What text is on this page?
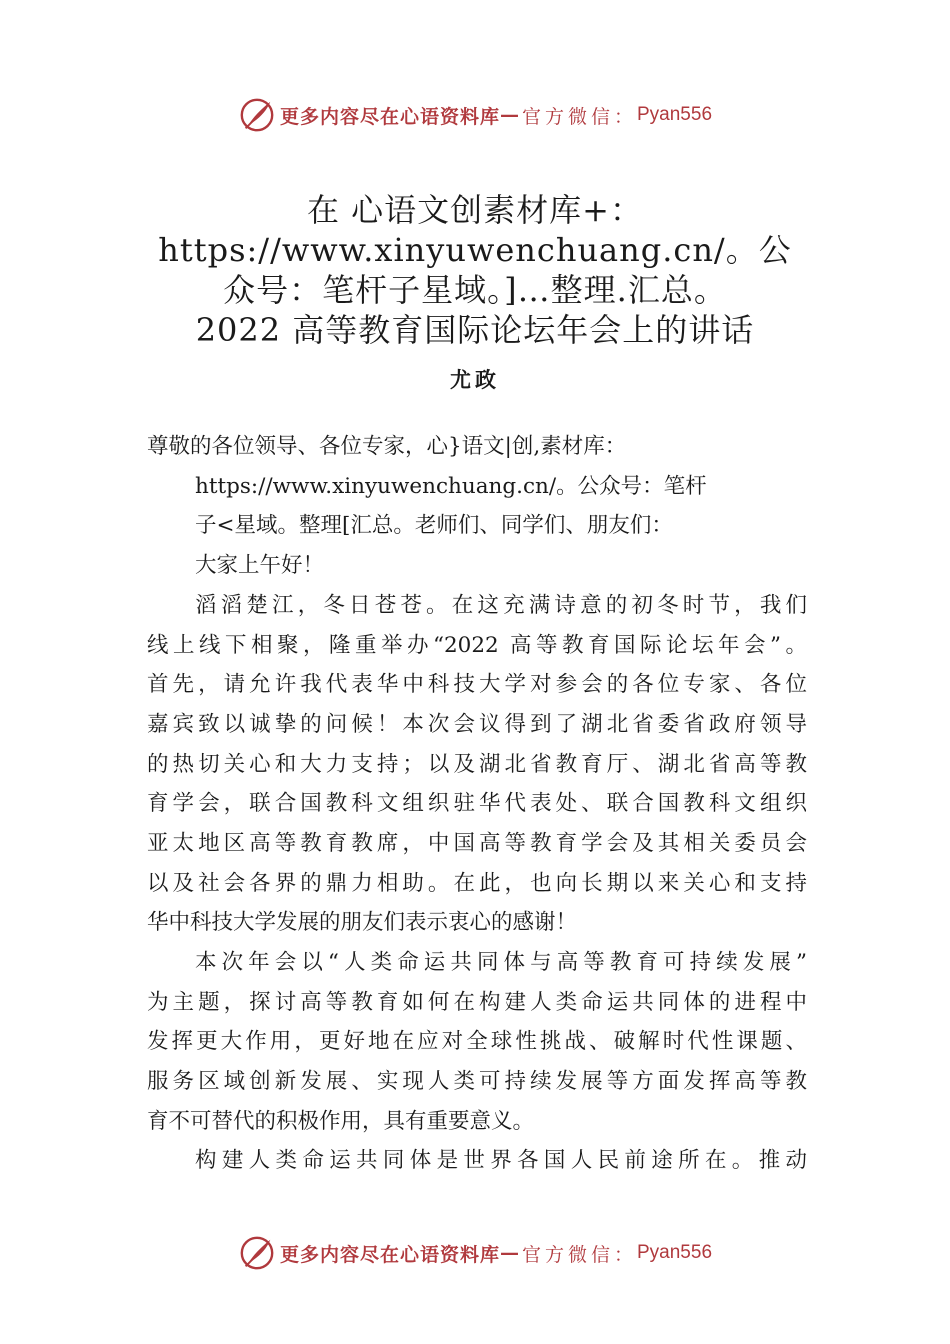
更多内容尽在心语资料库 — 官方微信： Pyan556
在 心语文创素材库+：
https://www.xinyuwenchuang.cn/。公
众号：笔杆子星域。]…整理.汇总。
2022 高等教育国际论坛年会上的讲话
尤政
尊敬的各位领导、各位专家，心}语文|创,素材库：
https://www.xinyuwenchuang.cn/。公众号：笔杆
子<星域。整理[汇总。老师们、同学们、朋友们：
大家上午好！
滔滔楚江，冬日苍苍。在这充满诗意的初冬时节，我们
线上线下相聚，隆重举办“2022 高等教育国际论坛年会”。
首先，请允许我代表华中科技大学对参会的各位专家、各位
嘉宾致以诚挚的问候！本次会议得到了湖北省委省政府领导
的热切关心和大力支持；以及湖北省教育厅、湖北省高等教
育学会，联合国教科文组织驻华代表处、联合国教科文组织
亚太地区高等教育教席，中国高等教育学会及其相关委员会
以及社会各界的鼎力相助。在此，也向长期以来关心和支持
华中科技大学发展的朋友们表示衷心的感谢！
本次年会以“人类命运共同体与高等教育可持续发展”
为主题，探讨高等教育如何在构建人类命运共同体的进程中
发挥更大作用，更好地在应对全球性挑战、破解时代性课题、
服务区域创新发展、实现人类可持续发展等方面发挥高等教
育不可替代的积极作用，具有重要意义。
构建人类命运共同体是世界各国人民前途所在。推动
更多内容尽在心语资料库 — 官方微信： Pyan556
